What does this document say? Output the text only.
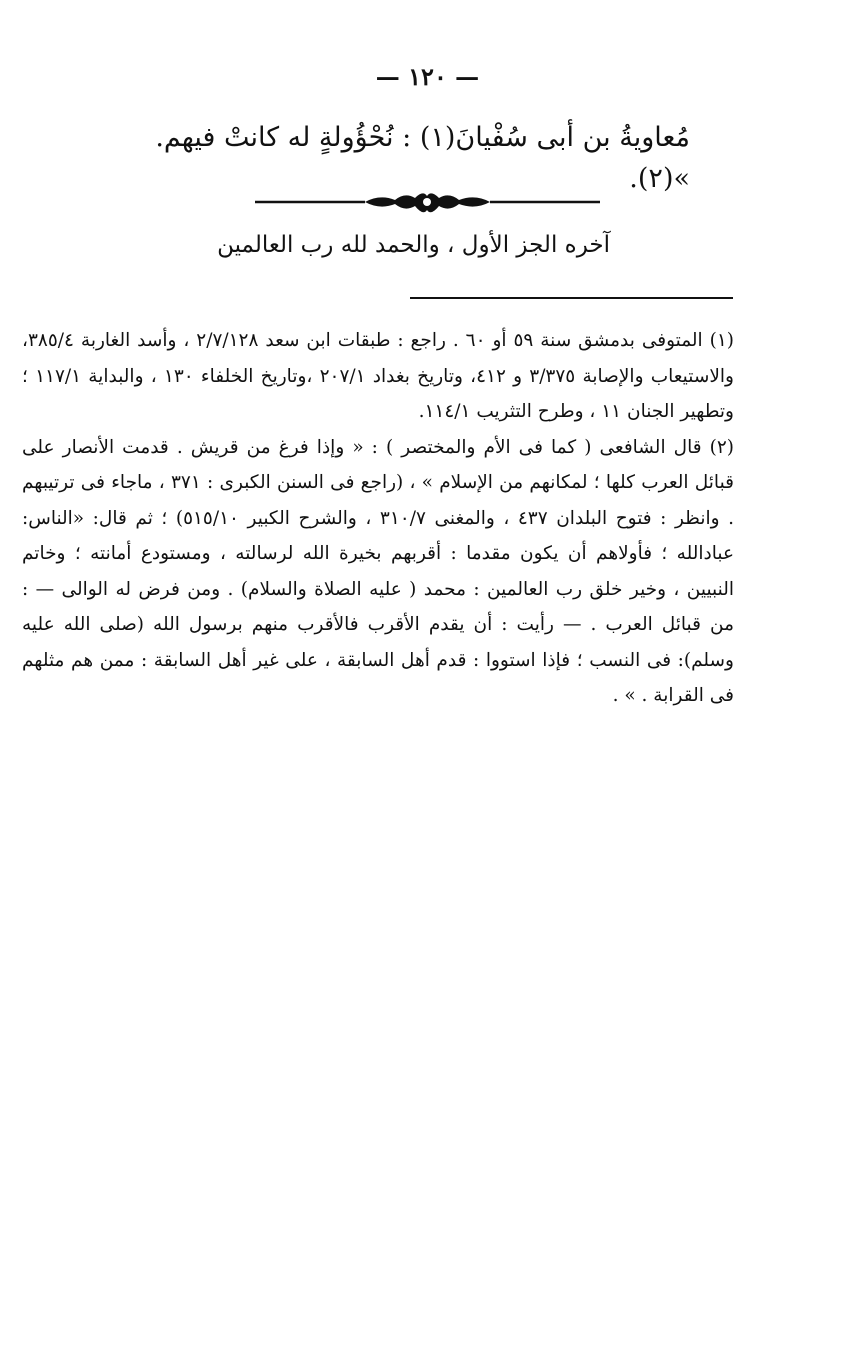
— ١٢٠ —
مُعاويةُ بن أبى سُفْيانَ(١) : نُحْؤُولةٍ له كانتْ فيهم. »(٢).
آخره الجز الأول ، والحمد لله رب العالمين

(١) المتوفى بدمشق سنة ٥٩ أو ٦٠ . راجع : طبقات ابن سعد ٢/٧/١٢٨ ، وأسد الغاربة ٣٨٥/٤، والاستيعاب والإصابة ٣/٣٧٥ و ٤١٢، وتاريخ بغداد ٢٠٧/١ ،وتاريخ الخلفاء ١٣٠ ، والبداية ١١٧/١ ؛ وتطهير الجنان ١١ ، وطرح التثريب ١١٤/١.

(٢) قال الشافعى ( كما فى الأم والمختصر ) : « وإذا فرغ من قريش . قدمت الأنصار على قبائل العرب كلها ؛ لمكانهم من الإسلام » ، (راجع فى السنن الكبرى : ٣٧١ ، ماجاء فى ترتيبهم . وانظر : فتوح البلدان ٤٣٧ ، والمغنى ٣١٠/٧ ، والشرح الكبير ٥١٥/١٠) ؛ ثم قال: «الناس: عبادالله ؛ فأولاهم أن يكون مقدما : أقربهم بخيرة الله لرسالته ، ومستودع أمانته ؛ وخاتم النبيين ، وخير خلق رب العالمين : محمد ( عليه الصلاة والسلام) . ومن فرض له الوالى — : من قبائل العرب . — رأيت : أن يقدم الأقرب فالأقرب منهم برسول الله (صلى الله عليه وسلم): فى النسب ؛ فإذا استووا : قدم أهل السابقة ، على غير أهل السابقة : ممن هم مثلهم فى القرابة . » .
